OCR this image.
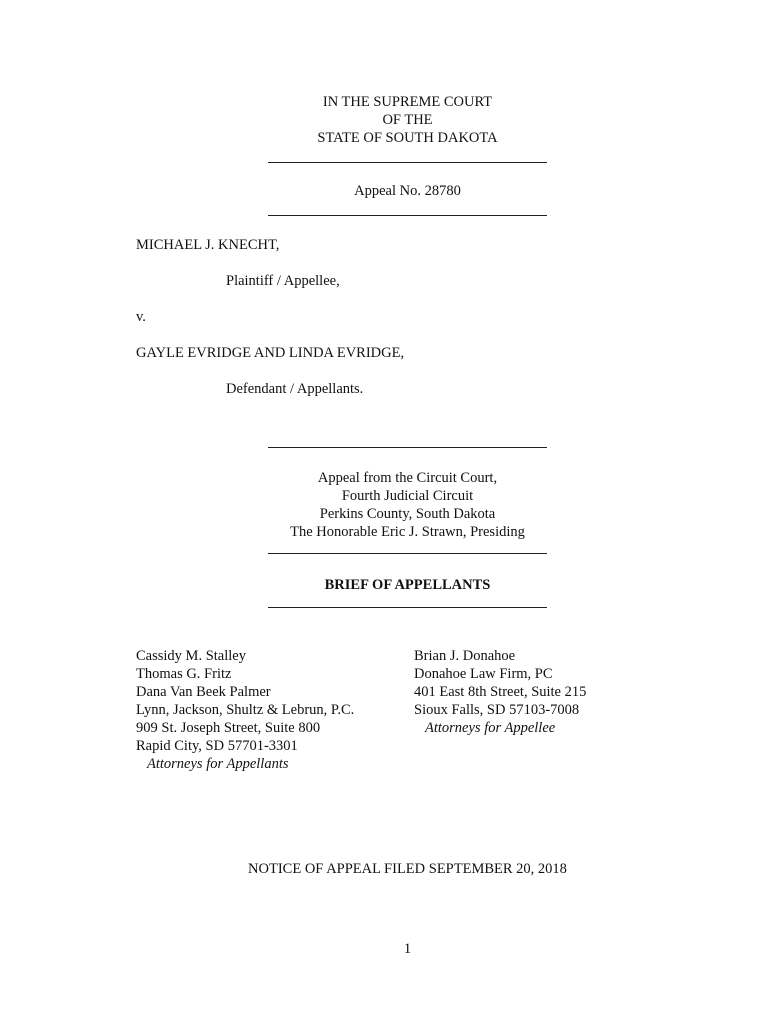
IN THE SUPREME COURT
OF THE
STATE OF SOUTH DAKOTA
Appeal No. 28780
MICHAEL J. KNECHT,
Plaintiff / Appellee,
v.
GAYLE EVRIDGE AND LINDA EVRIDGE,
Defendant / Appellants.
Appeal from the Circuit Court,
Fourth Judicial Circuit
Perkins County, South Dakota
The Honorable Eric J. Strawn, Presiding
BRIEF OF APPELLANTS
Cassidy M. Stalley
Thomas G. Fritz
Dana Van Beek Palmer
Lynn, Jackson, Shultz & Lebrun, P.C.
909 St. Joseph Street, Suite 800
Rapid City, SD 57701-3301
Attorneys for Appellants
Brian J. Donahoe
Donahoe Law Firm, PC
401 East 8th Street, Suite 215
Sioux Falls, SD 57103-7008
Attorneys for Appellee
NOTICE OF APPEAL FILED SEPTEMBER 20, 2018
1
